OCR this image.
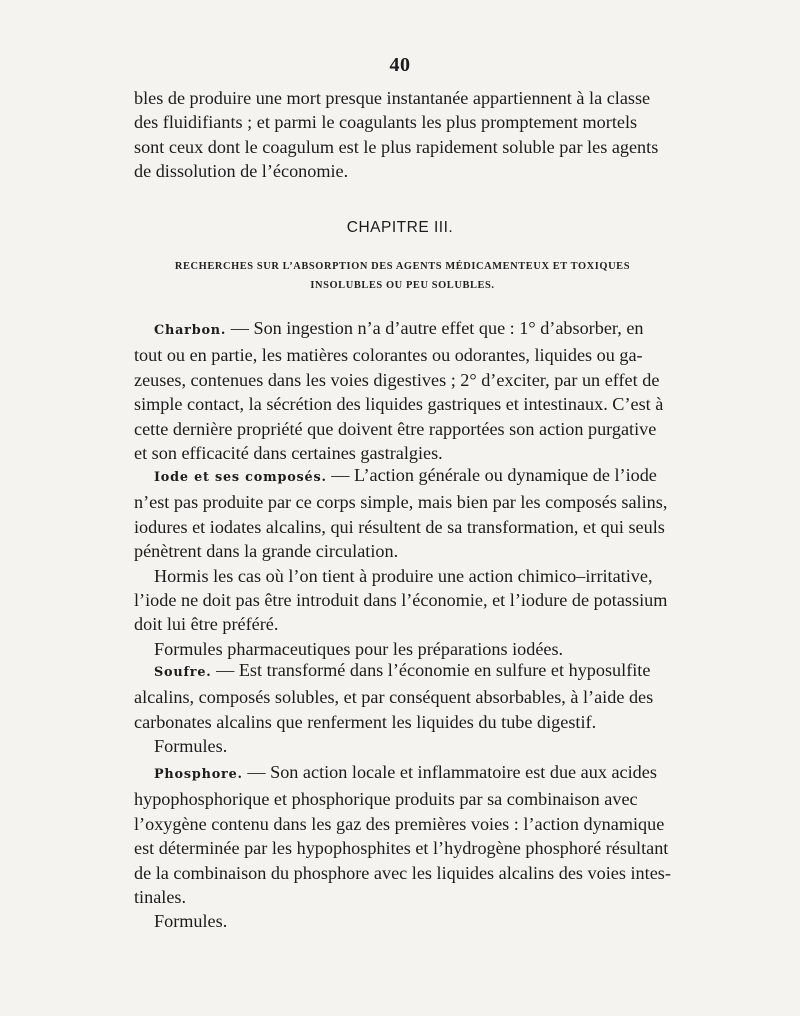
40

bles de produire une mort presque instantanée appartiennent à la classe

des fluidifiants ; et parmi le coagulants les plus promptement mortels

sont ceux dont le coagulum est le plus rapidement soluble par les agents

de dissolution de l’économie.

CHAPITRE III.
RECHERCHES SUR L’ABSORPTION DES AGENTS MÉDICAMENTEUX ET TOXIQUES
INSOLUBLES OU PEU SOLUBLES.

Charbon. — Son ingestion n’a d’autre effet que : 1° d’absorber, en

tout ou en partie, les matières colorantes ou odorantes, liquides ou ga-

zeuses, contenues dans les voies digestives ; 2° d’exciter, par un effet de

simple contact, la sécrétion des liquides gastriques et intestinaux. C’est à

cette dernière propriété que doivent être rapportées son action purgative

et son efficacité dans certaines gastralgies.

Iode et ses composés. — L’action générale ou dynamique de l’iode

n’est pas produite par ce corps simple, mais bien par les composés salins,

iodures et iodates alcalins, qui résultent de sa transformation, et qui seuls

pénètrent dans la grande circulation.

Hormis les cas où l’on tient à produire une action chimico–irritative,

l’iode ne doit pas être introduit dans l’économie, et l’iodure de potassium

doit lui être préféré.

Formules pharmaceutiques pour les préparations iodées.

Soufre. — Est transformé dans l’économie en sulfure et hyposulfite

alcalins, composés solubles, et par conséquent absorbables, à l’aide des

carbonates alcalins que renferment les liquides du tube digestif.

Formules.

Phosphore. — Son action locale et inflammatoire est due aux acides

hypophosphorique et phosphorique produits par sa combinaison avec

l’oxygène contenu dans les gaz des premières voies : l’action dynamique

est déterminée par les hypophosphites et l’hydrogène phosphoré résultant

de la combinaison du phosphore avec les liquides alcalins des voies intes-

tinales.

Formules.
